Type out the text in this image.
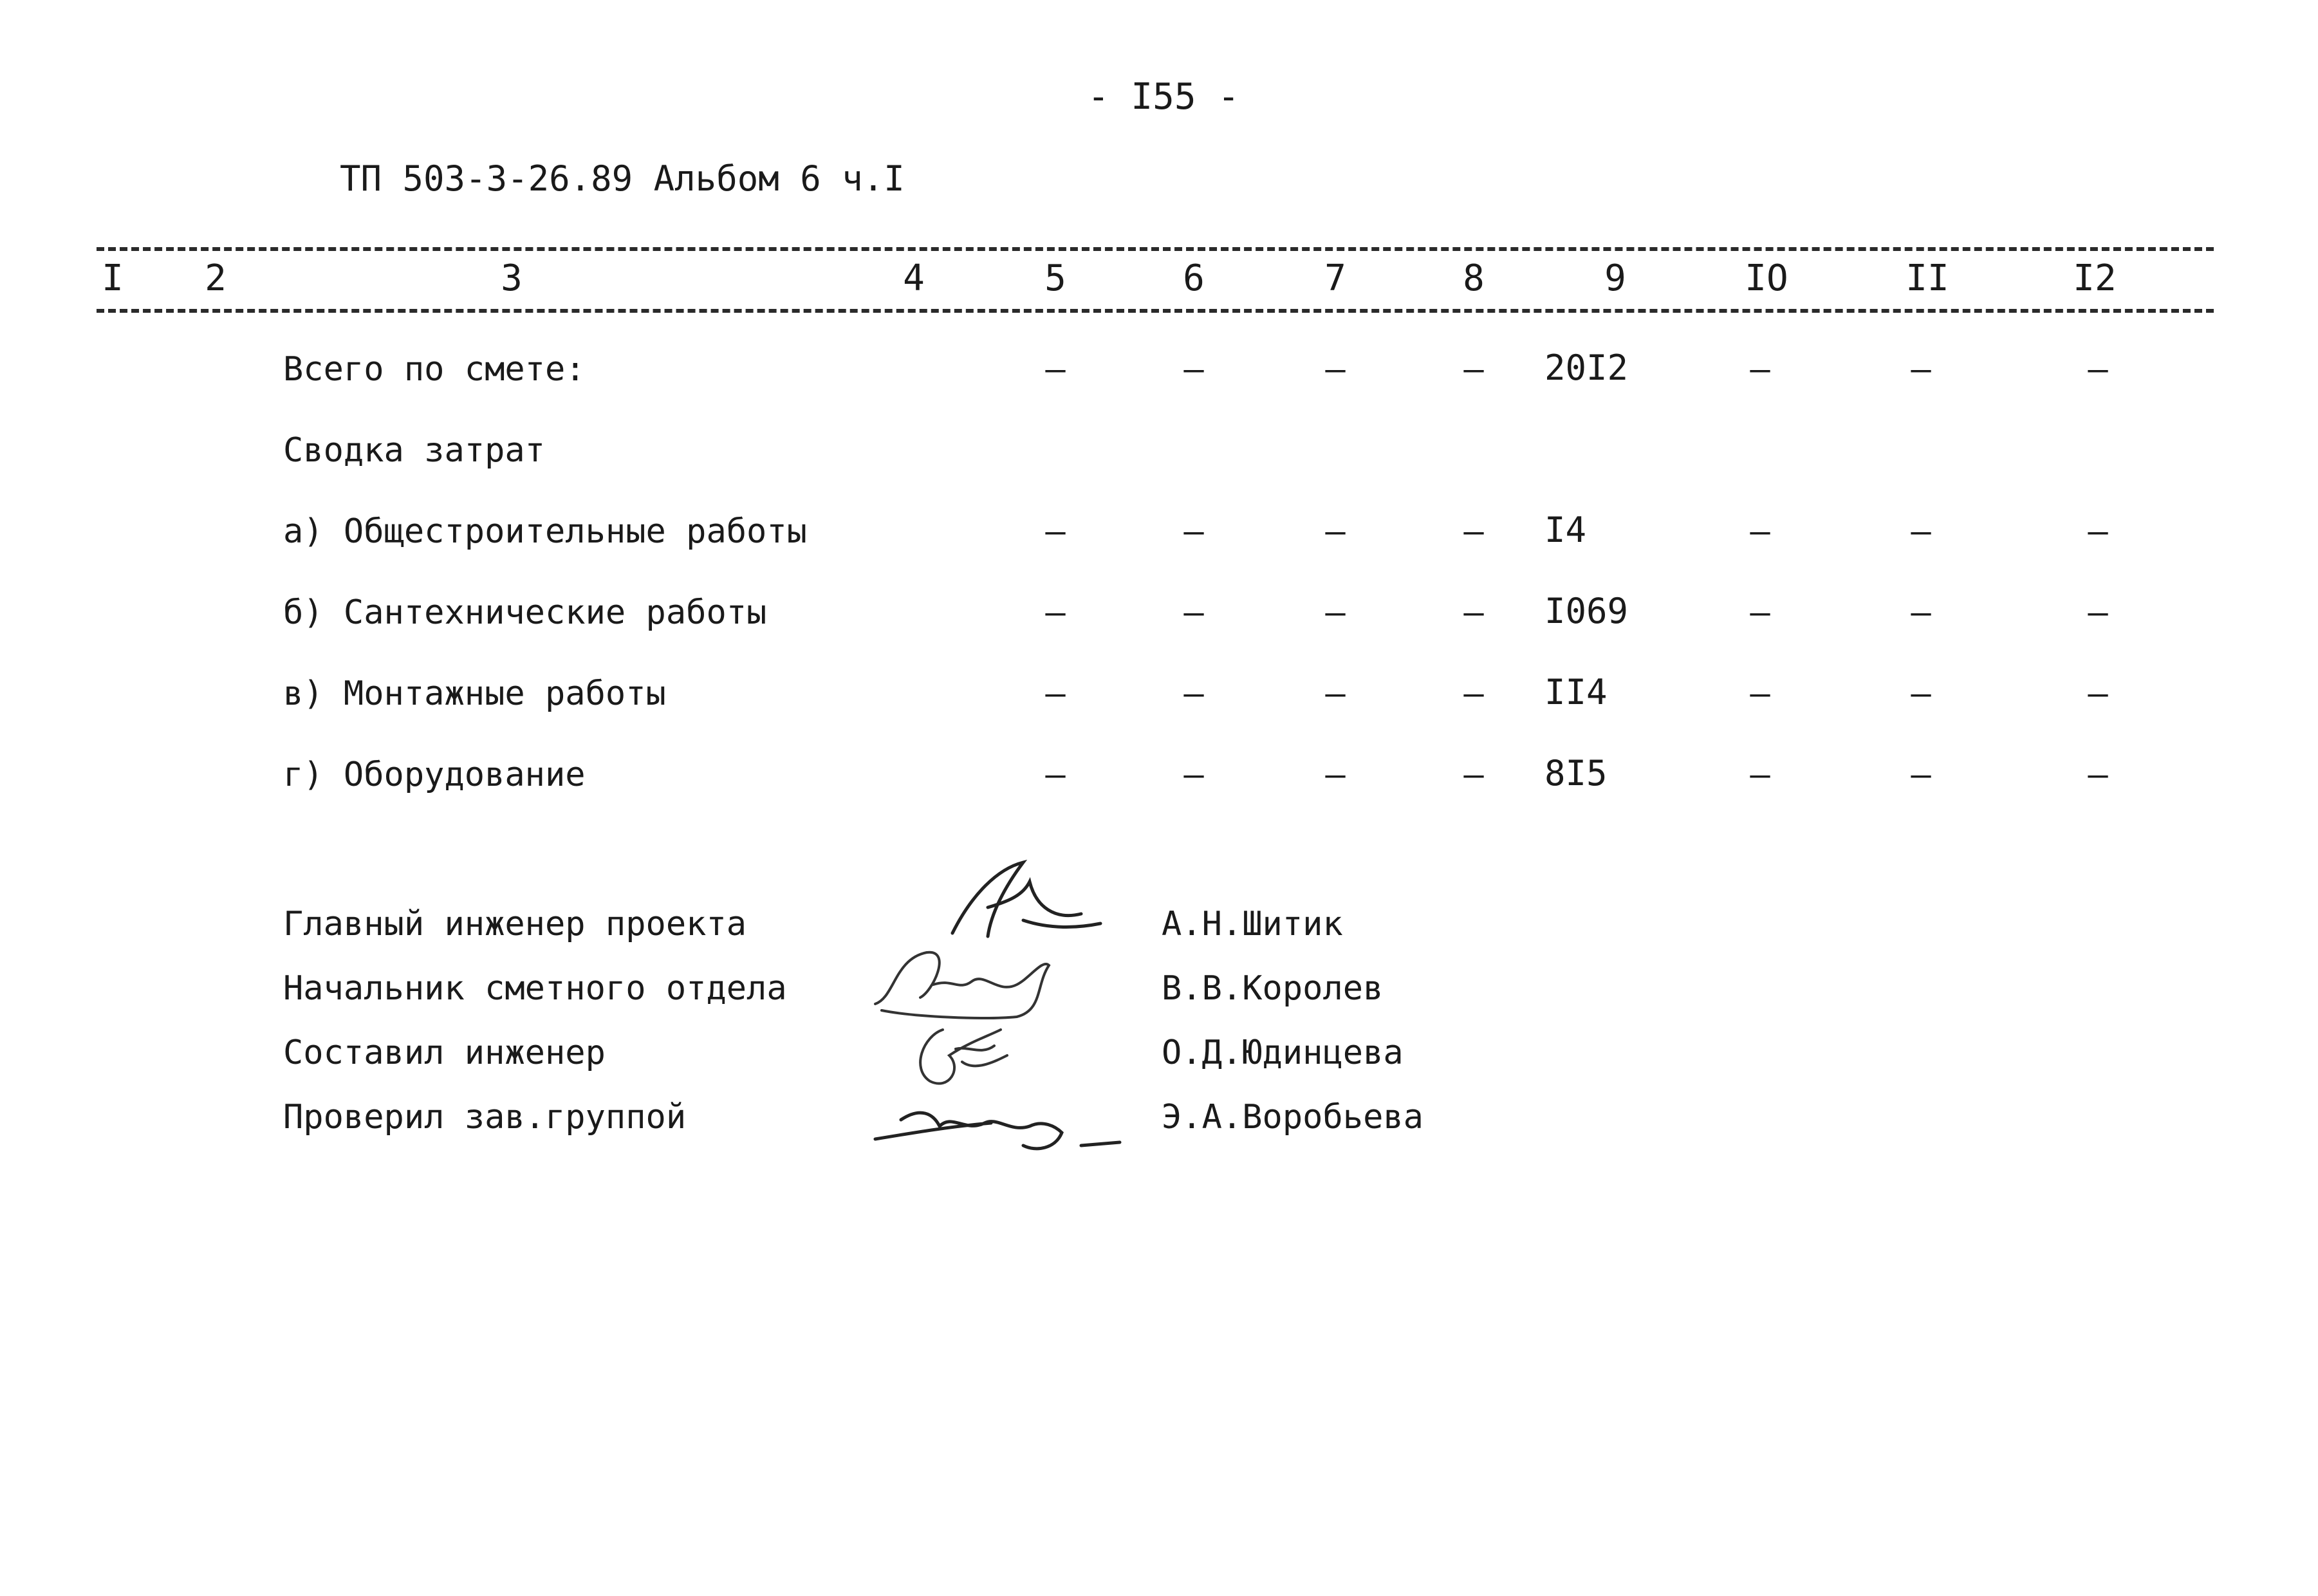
- I55 -
ТП 503-3-26.89 Альбом 6 ч.I
I	2	3	4	5	6	7	8	9	IO	II	I2
Всего по смете:	–	–	–	–	20I2	–	–	–
Сводка затрат
а) Общестроительные работы	–	–	–	–	I4	–	–	–
б) Сантехнические работы	–	–	–	–	I069	–	–	–
в) Монтажные работы	–	–	–	–	II4	–	–	–
г) Оборудование	–	–	–	–	8I5	–	–	–
Главный инженер проекта	А.Н.Шитик
Начальник сметного отдела	В.В.Королев
Составил инженер	О.Д.Юдинцева
Проверил зав.группой	Э.А.Воробьева
